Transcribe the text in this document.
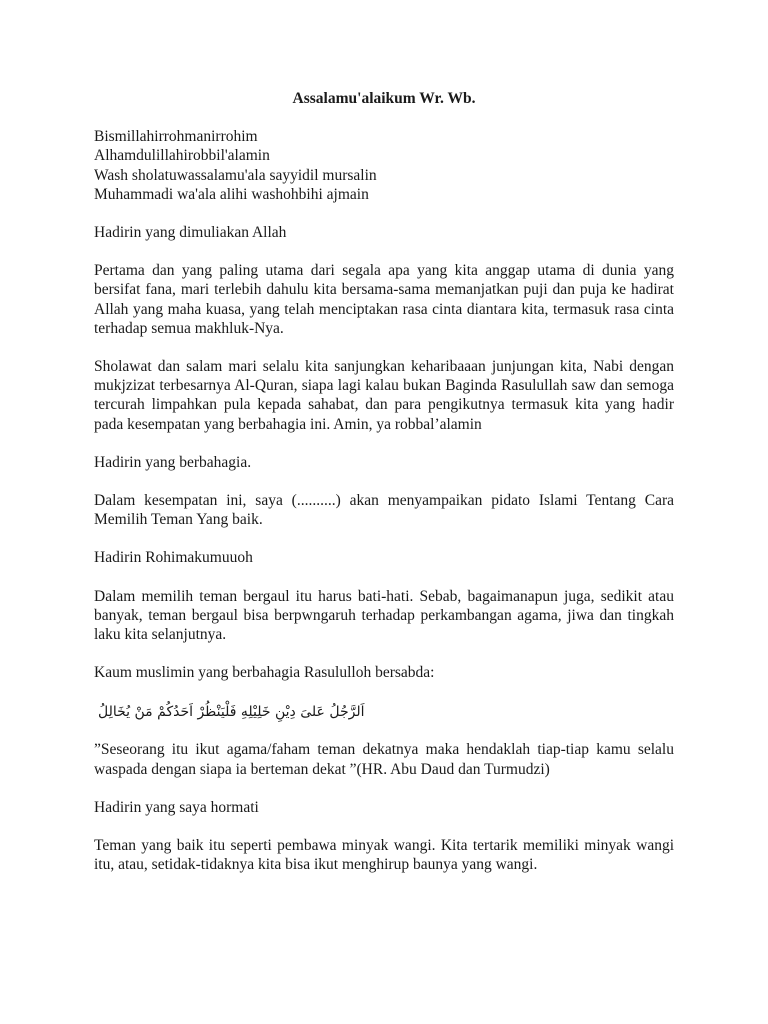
Assalamu'alaikum Wr. Wb.

Bismillahirrohmanirrohim

Alhamdulillahirobbil'alamin

Wash sholatuwassalamu'ala sayyidil mursalin

Muhammadi wa'ala alihi washohbihi ajmain

Hadirin yang dimuliakan Allah

Pertama dan yang paling utama dari segala apa yang kita anggap utama di dunia yang bersifat fana, mari terlebih dahulu kita bersama-sama memanjatkan puji dan puja ke hadirat Allah yang maha kuasa, yang telah menciptakan rasa cinta diantara kita, termasuk rasa cinta terhadap semua makhluk-Nya.

Sholawat dan salam mari selalu kita sanjungkan keharibaaan junjungan kita, Nabi dengan mukjzizat terbesarnya Al-Quran, siapa lagi kalau bukan Baginda Rasulullah saw dan semoga tercurah limpahkan pula kepada sahabat, dan para pengikutnya termasuk kita yang hadir pada kesempatan yang berbahagia ini. Amin, ya robbal’alamin

Hadirin yang berbahagia.

Dalam kesempatan ini, saya (..........) akan menyampaikan pidato Islami Tentang Cara Memilih Teman Yang baik.

Hadirin Rohimakumuuoh

Dalam memilih teman bergaul itu harus bati-hati. Sebab, bagaimanapun juga, sedikit atau banyak, teman bergaul bisa berpwngaruh terhadap perkambangan agama, jiwa dan tingkah laku kita selanjutnya.

Kaum muslimin yang berbahagia Rasululloh bersabda:

اَلرَّجُلُ عَلىَ دِيْنِ خَلِيْلِهِ فَلْيَنْظُرْ اَحَدُكُمْ مَنْ يُخَالِلُ

”Seseorang itu ikut agama/faham teman dekatnya maka hendaklah tiap-tiap kamu selalu waspada dengan siapa ia berteman dekat ”(HR. Abu Daud dan Turmudzi)

Hadirin yang saya hormati

Teman yang baik itu seperti pembawa minyak wangi. Kita tertarik memiliki minyak wangi itu, atau, setidak-tidaknya kita bisa ikut menghirup baunya yang wangi.
